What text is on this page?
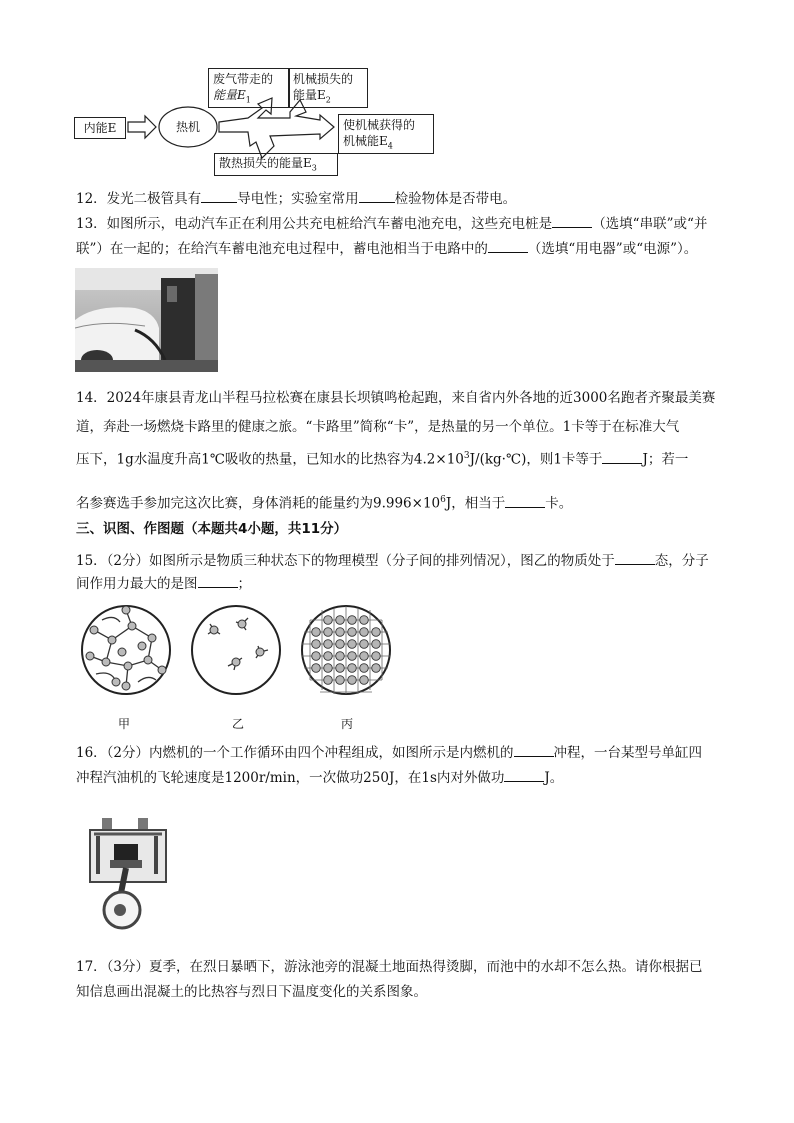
内能E	热机
废气带走的
能量$E_1$
机械损失的
能量$E_2$
使机械获得的
机械能$E_4$
散热损失的能量$E_3$
12．发光二极管具有	导电性；实验室常用	检验物体是否带电。
13．如图所示，电动汽车正在利用公共充电桩给汽车蓄电池充电，这些充电桩是	（选填“串联”或“并
联”）在一起的；在给汽车蓄电池充电过程中，蓄电池相当于电路中的	（选填“用电器”或“电源”）。
14．2024年康县青龙山半程马拉松赛在康县长坝镇鸣枪起跑，来自省内外各地的近3000名跑者齐聚最美赛
道，奔赴一场燃烧卡路里的健康之旅。“卡路里”简称“卡”，是热量的另一个单位。1卡等于在标准大气
压下，1g水温度升高1℃吸收的热量，已知水的比热容为$4.2\times 10^3J/(kg\cdot℃)$，则1卡等于	J；若一
名参赛选手参加完这次比赛，身体消耗的能量约为$9.996\times 10^6J$，相当于	卡。
三、识图、作图题（本题共4小题，共11分）
15．（2分）如图所示是物质三种状态下的物理模型（分子间的排列情况），图乙的物质处于	态，分子
间作用力最大的是图	；
甲	乙	丙
16．（2分）内燃机的一个工作循环由四个冲程组成，如图所示是内燃机的	冲程，一台某型号单缸四
冲程汽油机的飞轮速度是1200r/min，一次做功250J，在1s内对外做功	J。
17．（3分）夏季，在烈日暴晒下，游泳池旁的混凝土地面热得烫脚，而池中的水却不怎么热。请你根据已
知信息画出混凝土的比热容与烈日下温度变化的关系图象。
